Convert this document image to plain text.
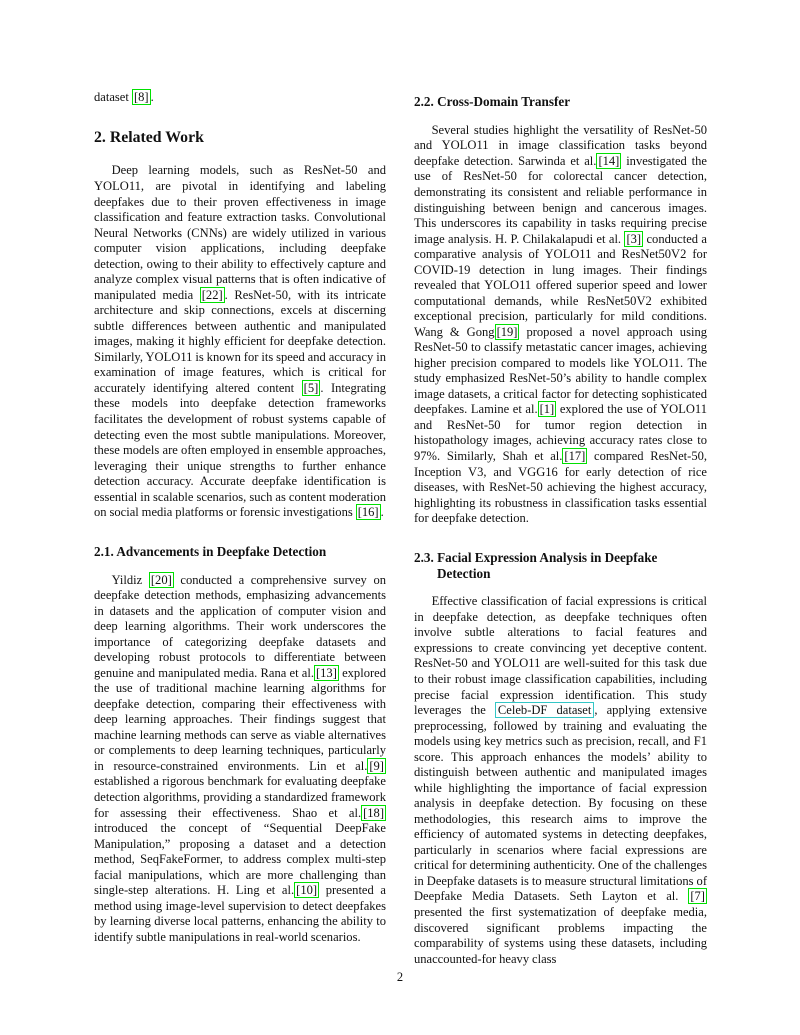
dataset [8] .

2. Related Work

Deep learning models, such as ResNet-50 and YOLO11, are pivotal in identifying and labeling deepfakes due to their proven effectiveness in image classification and feature extraction tasks. Convolutional Neural Networks (CNNs) are widely utilized in various computer vision applications, including deepfake detection, owing to their ability to effectively capture and analyze complex visual patterns that is often indicative of manipulated media [22] . ResNet-50, with its intricate architecture and skip connections, excels at discerning subtle differences between authentic and manipulated images, making it highly efficient for deepfake detection. Similarly, YOLO11 is known for its speed and accuracy in examination of image features, which is critical for accurately identifying altered content [5] . Integrating these models into deepfake detection frameworks facilitates the development of robust systems capable of detecting even the most subtle manipulations. Moreover, these models are often employed in ensemble approaches, leveraging their unique strengths to further enhance detection accuracy. Accurate deepfake identification is essential in scalable scenarios, such as content moderation on social media platforms or forensic investigations [16] .

2.1. Advancements in Deepfake Detection

Yildiz [20] conducted a comprehensive survey on deepfake detection methods, emphasizing advancements in datasets and the application of computer vision and deep learning algorithms. Their work underscores the importance of categorizing deepfake datasets and developing robust protocols to differentiate between genuine and manipulated media. Rana et al. [13] explored the use of traditional machine learning algorithms for deepfake detection, comparing their effectiveness with deep learning approaches. Their findings suggest that machine learning methods can serve as viable alternatives or complements to deep learning techniques, particularly in resource-constrained environments. Lin et al. [9] established a rigorous benchmark for evaluating deepfake detection algorithms, providing a standardized framework for assessing their effectiveness. Shao et al. [18] introduced the concept of “Sequential DeepFake Manipulation,” proposing a dataset and a detection method, SeqFakeFormer, to address complex multi-step facial manipulations, which are more challenging than single-step alterations. H. Ling et al. [10] presented a method using image-level supervision to detect deepfakes by learning diverse local patterns, enhancing the ability to identify subtle manipulations in real-world scenarios.

2.2. Cross-Domain Transfer

Several studies highlight the versatility of ResNet-50 and YOLO11 in image classification tasks beyond deepfake detection. Sarwinda et al. [14] investigated the use of ResNet-50 for colorectal cancer detection, demonstrating its consistent and reliable performance in distinguishing between benign and cancerous images. This underscores its capability in tasks requiring precise image analysis. H. P. Chilakalapudi et al. [3] conducted a comparative analysis of YOLO11 and ResNet50V2 for COVID-19 detection in lung images. Their findings revealed that YOLO11 offered superior speed and lower computational demands, while ResNet50V2 exhibited exceptional precision, particularly for mild conditions. Wang & Gong [19] proposed a novel approach using ResNet-50 to classify metastatic cancer images, achieving higher precision compared to models like YOLO11. The study emphasized ResNet-50’s ability to handle complex image datasets, a critical factor for detecting sophisticated deepfakes. Lamine et al. [1] explored the use of YOLO11 and ResNet-50 for tumor region detection in histopathology images, achieving accuracy rates close to 97%. Similarly, Shah et al. [17] compared ResNet-50, Inception V3, and VGG16 for early detection of rice diseases, with ResNet-50 achieving the highest accuracy, highlighting its robustness in classification tasks essential for deepfake detection.

2.3. Facial Expression Analysis in Deepfake Detection

Effective classification of facial expressions is critical in deepfake detection, as deepfake techniques often involve subtle alterations to facial features and expressions to create convincing yet deceptive content. ResNet-50 and YOLO11 are well-suited for this task due to their robust image classification capabilities, including precise facial expression identification. This study leverages the Celeb-DF dataset , applying extensive preprocessing, followed by training and evaluating the models using key metrics such as precision, recall, and F1 score. This approach enhances the models’ ability to distinguish between authentic and manipulated images while highlighting the importance of facial expression analysis in deepfake detection. By focusing on these methodologies, this research aims to improve the efficiency of automated systems in detecting deepfakes, particularly in scenarios where facial expressions are critical for determining authenticity. One of the challenges in Deepfake datasets is to measure structural limitations of Deepfake Media Datasets. Seth Layton et al. [7] presented the first systematization of deepfake media, discovered significant problems impacting the comparability of systems using these datasets, including unaccounted-for heavy class

2
